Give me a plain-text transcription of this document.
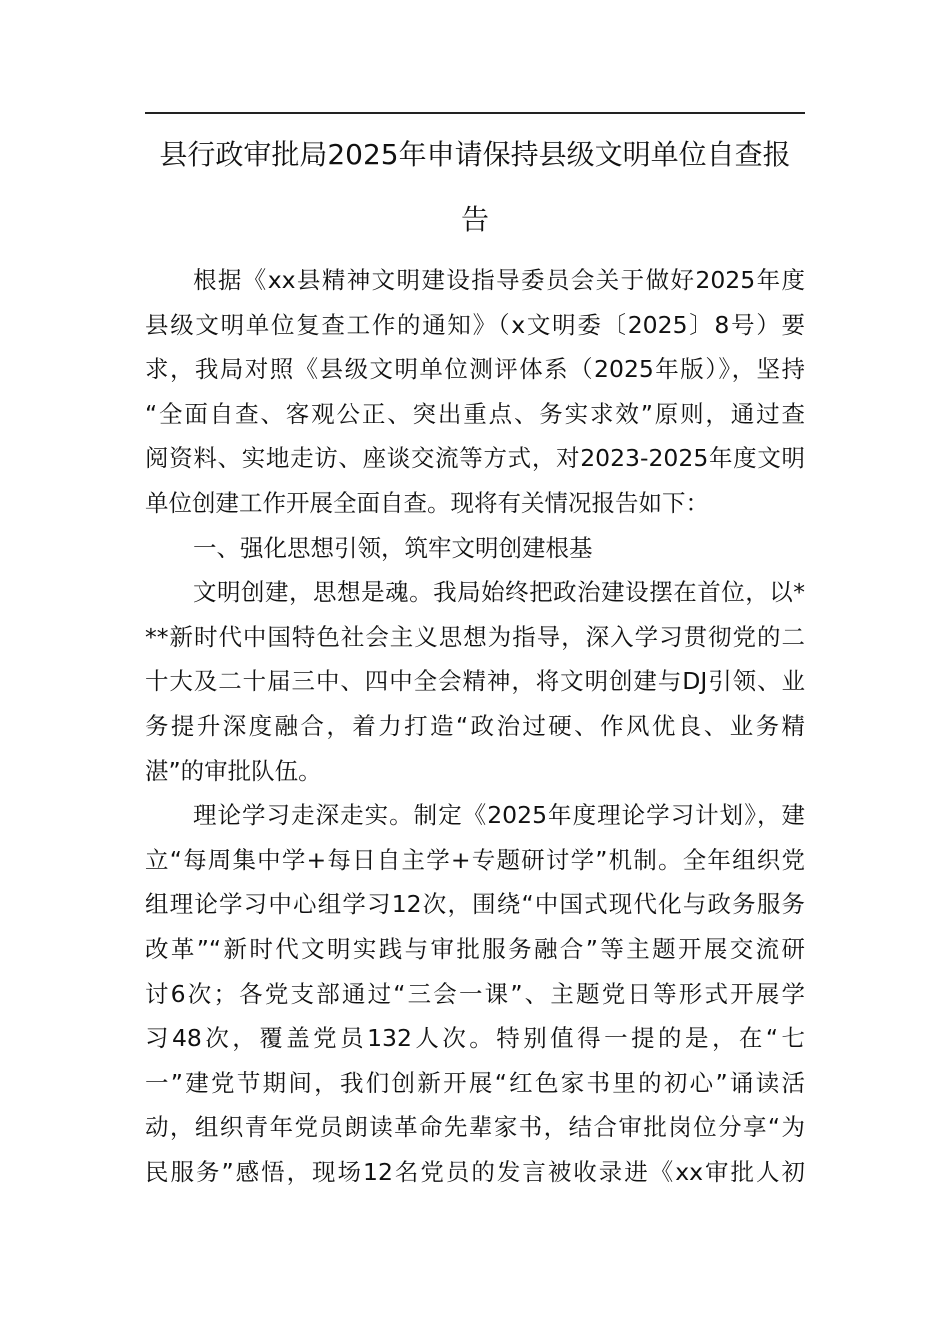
县行政审批局2025年申请保持县级文明单位自查报
告
根据《xx县精神文明建设指导委员会关于做好2025年度
县级文明单位复查工作的通知》（x文明委〔2025〕8号）要
求，我局对照《县级文明单位测评体系（2025年版）》，坚持
“全面自查、客观公正、突出重点、务实求效”原则，通过查
阅资料、实地走访、座谈交流等方式，对2023-2025年度文明
单位创建工作开展全面自查。现将有关情况报告如下：
一、强化思想引领，筑牢文明创建根基
文明创建，思想是魂。我局始终把政治建设摆在首位，以*
**新时代中国特色社会主义思想为指导，深入学习贯彻党的二
十大及二十届三中、四中全会精神，将文明创建与DJ引领、业
务提升深度融合，着力打造“政治过硬、作风优良、业务精
湛”的审批队伍。
理论学习走深走实。制定《2025年度理论学习计划》，建
立“每周集中学+每日自主学+专题研讨学”机制。全年组织党
组理论学习中心组学习12次，围绕“中国式现代化与政务服务
改革”“新时代文明实践与审批服务融合”等主题开展交流研
讨6次；各党支部通过“三会一课”、主题党日等形式开展学
习48次，覆盖党员132人次。特别值得一提的是，在“七
一”建党节期间，我们创新开展“红色家书里的初心”诵读活
动，组织青年党员朗读革命先辈家书，结合审批岗位分享“为
民服务”感悟，现场12名党员的发言被收录进《xx审批人初
